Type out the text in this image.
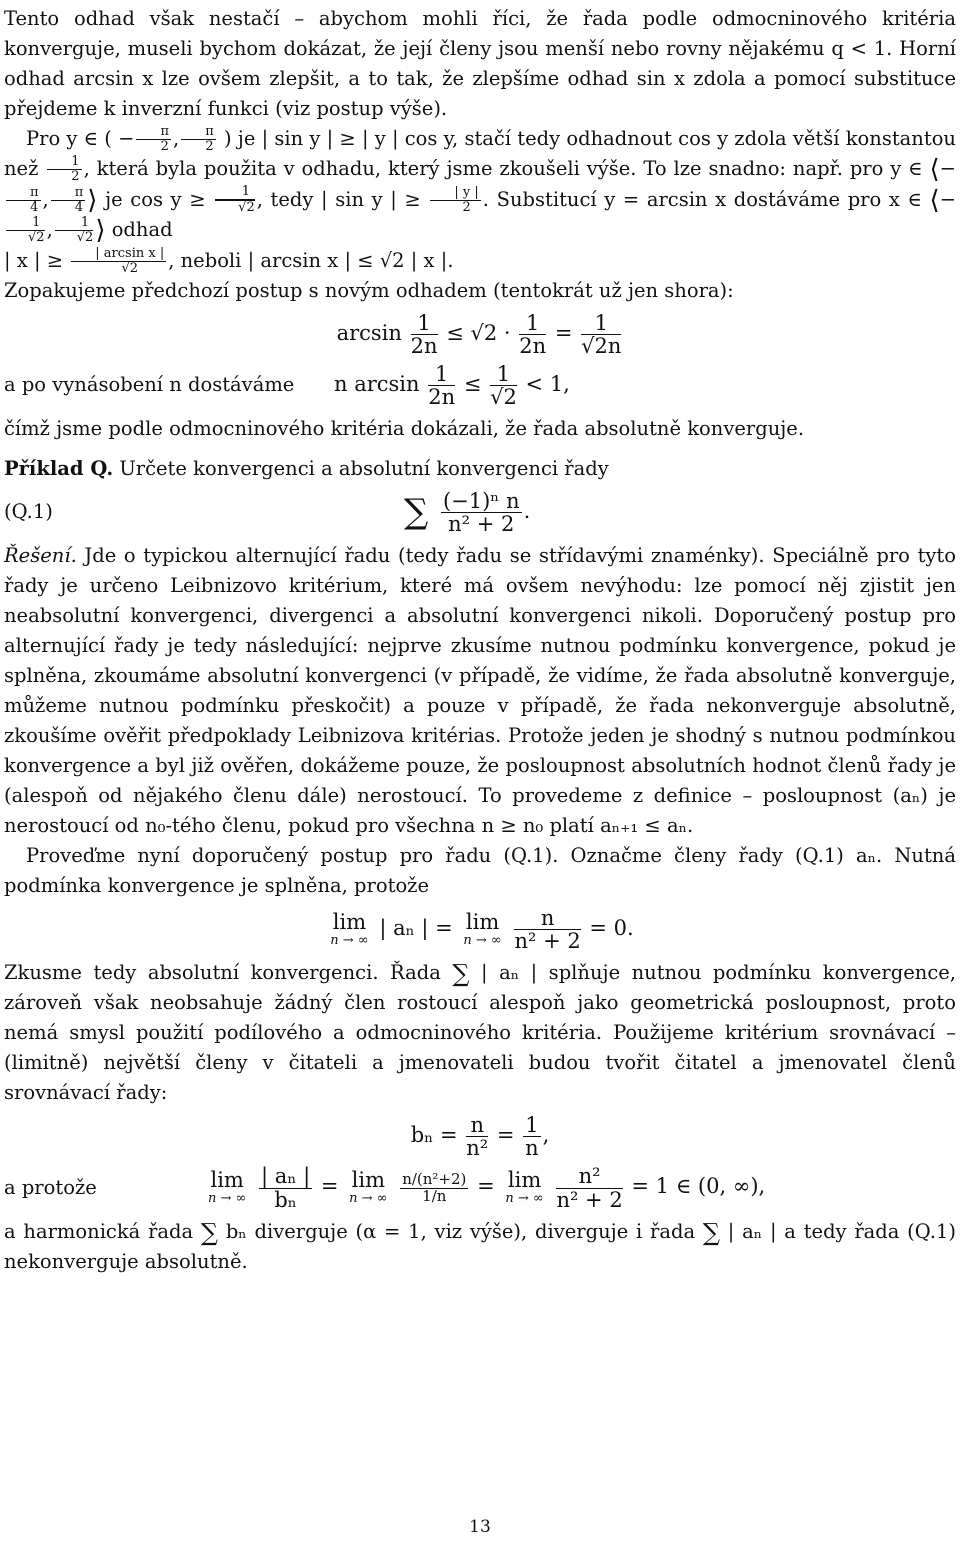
Tento odhad však nestačí – abychom mohli říci, že řada podle odmocninového kritéria konverguje, museli bychom dokázat, že její členy jsou menší nebo rovny nějakému q < 1. Horní odhad arcsin x lze ovšem zlepšit, a to tak, že zlepšíme odhad sin x zdola a pomocí substituce přejdeme k inverzní funkci (viz postup výše).

Pro y ∈ ( − $\frac{\pi}{2}$ , $\frac{\pi}{2}$ ) je | sin y | ≥ | y | cos y, stačí tedy odhadnout cos y zdola větší konstantou než $\frac{1}{2}$ , která byla použita v odhadu, který jsme zkoušeli výše. To lze snadno: např. pro y ∈ ⟨−
$\frac{\pi}{4}$ , $\frac{\pi}{4}$ ⟩ je $\cos y \ge \frac{1}{√2}$ , tedy | sin y | ≥ $\frac{| y |}{2}$ . Substitucí y = arcsin x dostáváme pro x ∈ ⟨−
$\frac{1}{√2}$ , $\frac{1}{√2}$ ⟩ odhad
| x | ≥ $\frac{\text{| arcsin x |}}{√2}$ , neboli | arcsin x | ≤ √2 | x |.

Zopakujeme předchozí postup s novým odhadem (tentokrát už jen shora):

$\arcsin \frac{1}{2n} \le √2 \cdot \frac{1}{2n} = \frac{1}{√2n}$
a po vynásobení n dostáváme	n $\arcsin \frac{1}{2n} \le \frac{1}{√2} < 1$,

čímž jsme podle odmocninového kritéria dokázali, že řada absolutně konverguje.

Příklad Q. Určete konvergenci a absolutní konvergenci řady

(Q.1)	∑ $\frac{\text{(−1)ⁿ n}}{\text{n² + 2}}$ .

Řešení. Jde o typickou alternující řadu (tedy řadu se střídavými znaménky). Speciálně pro tyto řady je určeno Leibnizovo kritérium, které má ovšem nevýhodu: lze pomocí něj zjistit jen neabsolutní konvergenci, divergenci a absolutní konvergenci nikoli. Doporučený postup pro alternující řady je tedy následující: nejprve zkusíme nutnou podmínku konvergence, pokud je splněna, zkoumáme absolutní konvergenci (v případě, že vidíme, že řada absolutně konverguje, můžeme nutnou podmínku přeskočit) a pouze v případě, že řada nekonverguje absolutně, zkoušíme ověřit předpoklady Leibnizova kritérias. Protože jeden je shodný s nutnou podmínkou konvergence a byl již ověřen, dokážeme pouze, že posloupnost absolutních hodnot členů řady je (alespoň od nějakého členu dále) nerostoucí. To provedeme z definice – posloupnost (aₙ) je nerostoucí od n₀-tého členu, pokud pro všechna n ≥ n₀ platí aₙ₊₁ ≤ aₙ.

Proveďme nyní doporučený postup pro řadu (Q.1). Označme členy řady (Q.1) aₙ. Nutná podmínka konvergence je splněna, protože

lim
n → ∞
| aₙ | = lim
n → ∞
$\frac{n}{\text{n² + 2}} = 0$.

Zkusme tedy absolutní konvergenci. Řada ∑ | aₙ | splňuje nutnou podmínku konvergence, zároveň však neobsahuje žádný člen rostoucí alespoň jako geometrická posloupnost, proto nemá smysl použití podílového a odmocninového kritéria. Použijeme kritérium srovnávací – (limitně) největší členy v čitateli a jmenovateli budou tvořit čitatel a jmenovatel členů srovnávací řady:

$b_n = \frac{n}{\text{n²}} = \frac{1}{n}$ ,
a protože	lim
n → ∞
$\frac{\text{| aₙ |}}{\text{bₙ}} = \lim$
n → ∞
$\frac{\text{n/(n²+2)}}{1/n} = \lim$
n → ∞
$\frac{\text{n²}}{\text{n² + 2}} = 1$ ∈ (0, ∞),

a harmonická řada ∑ bₙ diverguje (α = 1, viz výše), diverguje i řada ∑ | aₙ | a tedy řada (Q.1) nekonverguje absolutně.

13
